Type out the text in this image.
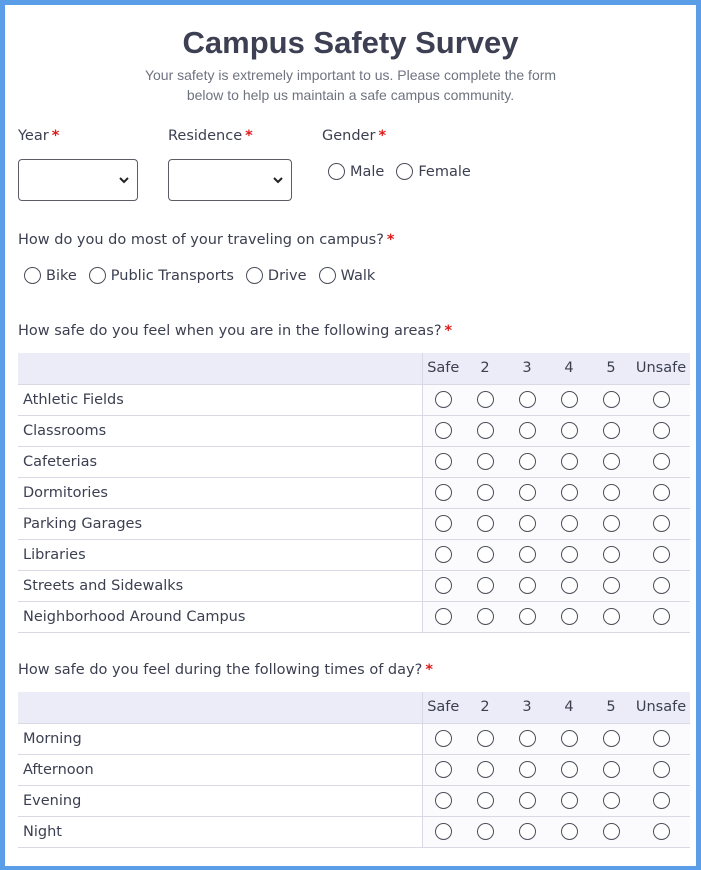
Campus Safety Survey
Your safety is extremely important to us. Please complete the form below to help us maintain a safe campus community.
Year *	Residence *	Gender *
Male Female
How do you do most of your traveling on campus? *
Bike Public Transports Drive Walk
How safe do you feel when you are in the following areas? *
	Safe	2	3	4	5	Unsafe
Athletic Fields						
Classrooms						
Cafeterias						
Dormitories						
Parking Garages						
Libraries						
Streets and Sidewalks						
Neighborhood Around Campus						
How safe do you feel during the following times of day? *
	Safe	2	3	4	5	Unsafe
Morning						
Afternoon						
Evening						
Night						
